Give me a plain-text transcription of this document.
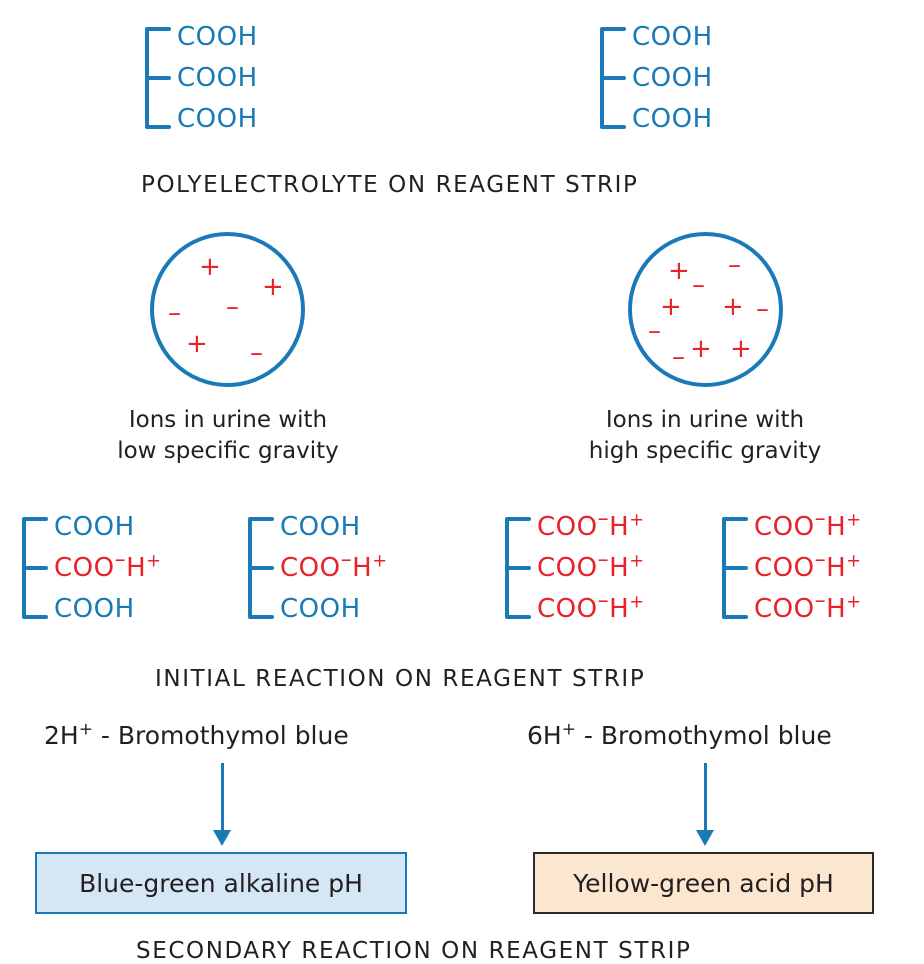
COOH
COOH
COOH
COOH
COOH
COOH
POLYELECTROLYTE ON REAGENT STRIP
+
+
– –
+ –
Ions in urine with
low specific gravity
+ –
–
+ + –
–
+ +
–
Ions in urine with
high specific gravity
COOH
COO–H+
COOH
COOH
COO–H+
COOH
COO–H+
COO–H+
COO–H+
COO–H+
COO–H+
COO–H+
INITIAL REACTION ON REAGENT STRIP
2H+ - Bromothymol blue	6H+ - Bromothymol blue
Blue-green alkaline pH	Yellow-green acid pH
SECONDARY REACTION ON REAGENT STRIP
